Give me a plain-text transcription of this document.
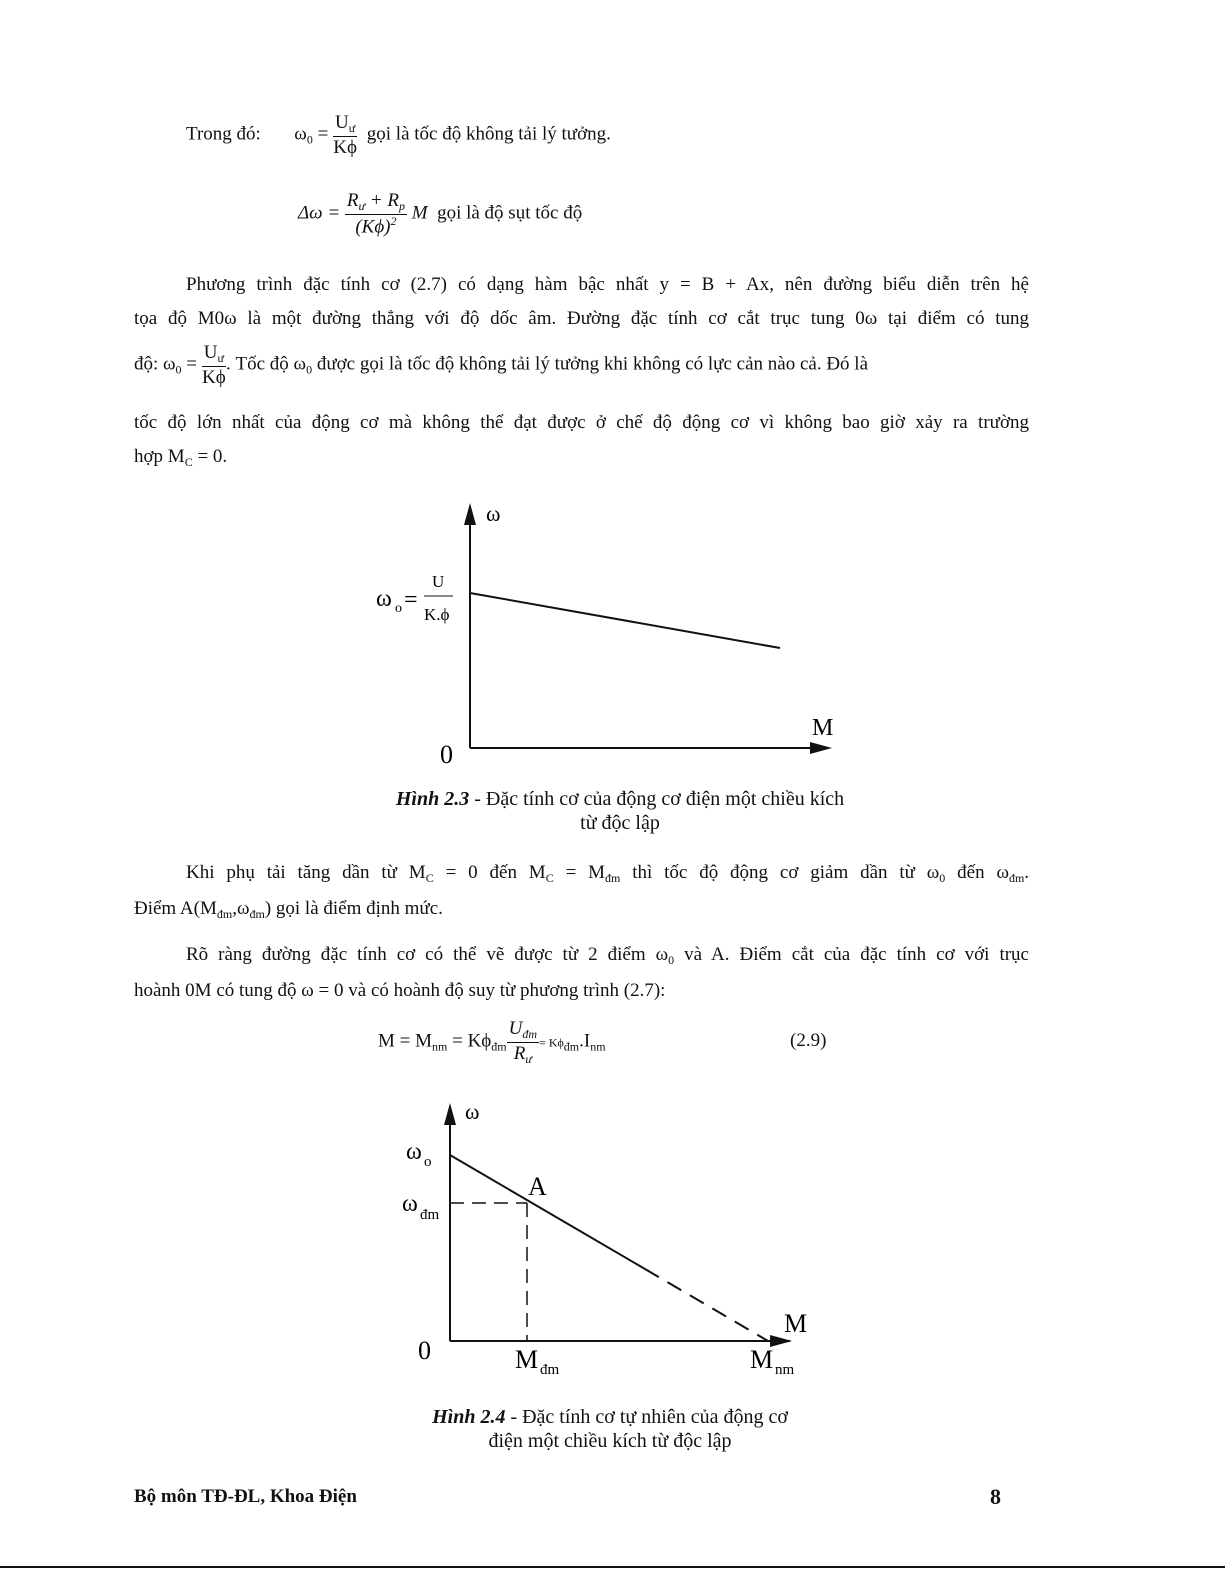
Trong đó: $\omega_0 = \frac{U_ư}{K\phi}$ gọi là tốc độ không tải lý tưởng.
$\Delta\omega = \frac{R_ư + R_p}{(K\phi)^2}$ M gọi là độ sụt tốc độ
Phương trình đặc tính cơ (2.7) có dạng hàm bậc nhất y = B + Ax, nên đường biểu diễn trên hệ
tọa độ M0ω là một đường thẳng với độ dốc âm. Đường đặc tính cơ cắt trục tung 0ω tại điểm có tung
độ: $\omega_0 = \frac{U_ư}{K\phi}$ . Tốc độ $\omega_0$ được gọi là tốc độ không tải lý tưởng khi không có lực cản nào cả. Đó là
tốc độ lớn nhất của động cơ mà không thể đạt được ở chế độ động cơ vì không bao giờ xảy ra trường
hợp $M_C = 0$.
ω
M
0
ω o =
U
K.ϕ
Hình 2.3 - Đặc tính cơ của động cơ điện một chiều kích
từ độc lập
Khi phụ tải tăng dần từ $M_C = 0$ đến $M_C = M_{đm}$ thì tốc độ động cơ giảm dần từ $\omega_0$ đến $\omega_{đm}$.
Điểm $A(M_{đm},\omega_{đm})$ gọi là điểm định mức.
Rõ ràng đường đặc tính cơ có thể vẽ được từ 2 điểm $\omega_0$ và A. Điểm cắt của đặc tính cơ với trục
hoành 0M có tung độ ω = 0 và có hoành độ suy từ phương trình (2.7):
$M = M_{nm} = K\phi_{đm} \frac{U_{đm}}{R_ư} = K\phi_{đm}.I_{nm}$	(2.9)
ω
M
0
ω o
ω đm
A
M đm	M nm
Hình 2.4 - Đặc tính cơ tự nhiên của động cơ
điện một chiều kích từ độc lập
Bộ môn TĐ-ĐL, Khoa Điện	8
